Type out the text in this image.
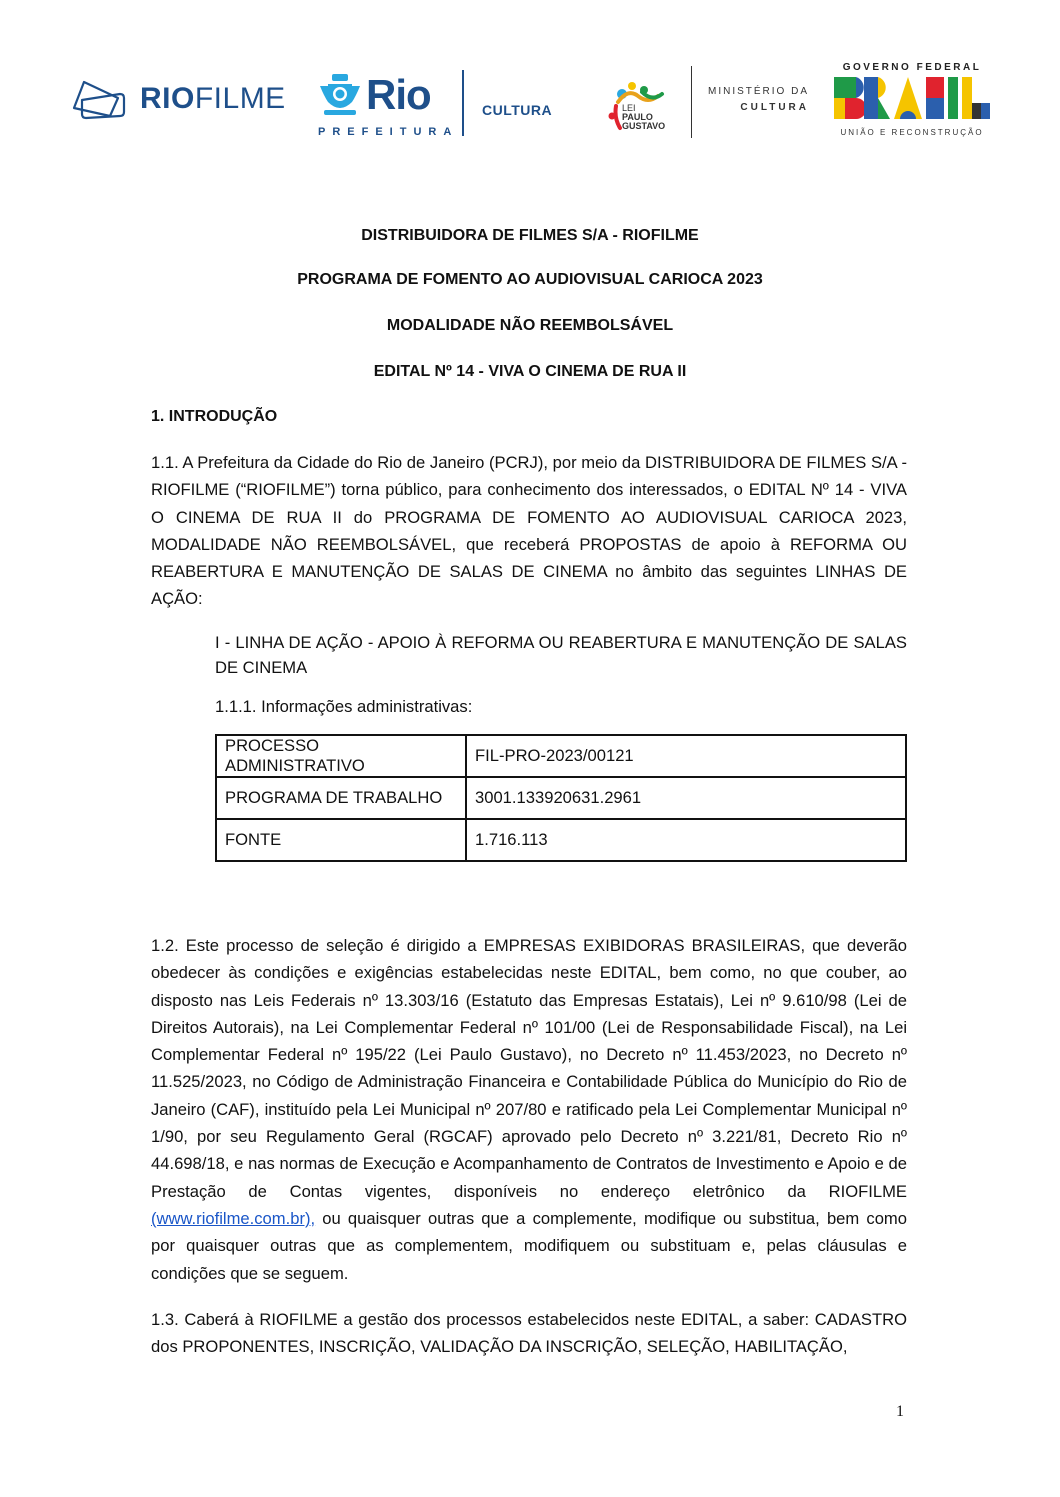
RIOFILME Rio
PREFEITURA
CULTURA	LEI
PAULO
GUSTAVO
MINISTÉRIO DA
CULTURA
GOVERNO FEDERAL
UNIÃO E RECONSTRUÇÃO
DISTRIBUIDORA DE FILMES S/A - RIOFILME
PROGRAMA DE FOMENTO AO AUDIOVISUAL CARIOCA 2023
MODALIDADE NÃO REEMBOLSÁVEL
EDITAL Nº 14 - VIVA O CINEMA DE RUA II
1. INTRODUÇÃO
1.1. A Prefeitura da Cidade do Rio de Janeiro (PCRJ), por meio da DISTRIBUIDORA DE FILMES S/A - RIOFILME (“RIOFILME”) torna público, para conhecimento dos interessados, o EDITAL Nº 14 - VIVA O CINEMA DE RUA II do PROGRAMA DE FOMENTO AO AUDIOVISUAL CARIOCA 2023, MODALIDADE NÃO REEMBOLSÁVEL, que receberá PROPOSTAS de apoio à REFORMA OU REABERTURA E MANUTENÇÃO DE SALAS DE CINEMA no âmbito das seguintes LINHAS DE AÇÃO:
I - LINHA DE AÇÃO - APOIO À REFORMA OU REABERTURA E MANUTENÇÃO DE SALAS DE CINEMA
1.1.1. Informações administrativas:
PROCESSO ADMINISTRATIVO	FIL-PRO-2023/00121
PROGRAMA DE TRABALHO	3001.133920631.2961
FONTE	1.716.113
1.2. Este processo de seleção é dirigido a EMPRESAS EXIBIDORAS BRASILEIRAS, que deverão obedecer às condições e exigências estabelecidas neste EDITAL, bem como, no que couber, ao disposto nas Leis Federais nº 13.303/16 (Estatuto das Empresas Estatais), Lei nº 9.610/98 (Lei de Direitos Autorais), na Lei Complementar Federal nº 101/00 (Lei de Responsabilidade Fiscal), na Lei Complementar Federal nº 195/22 (Lei Paulo Gustavo), no Decreto nº 11.453/2023, no Decreto nº 11.525/2023, no Código de Administração Financeira e Contabilidade Pública do Município do Rio de Janeiro (CAF), instituído pela Lei Municipal nº 207/80 e ratificado pela Lei Complementar Municipal nº 1/90, por seu Regulamento Geral (RGCAF) aprovado pelo Decreto nº 3.221/81, Decreto Rio nº 44.698/18, e nas normas de Execução e Acompanhamento de Contratos de Investimento e Apoio e de Prestação de Contas vigentes, disponíveis no endereço eletrônico da RIOFILME (www.riofilme.com.br), ou quaisquer outras que a complemente, modifique ou substitua, bem como por quaisquer outras que as complementem, modifiquem ou substituam e, pelas cláusulas e condições que se seguem.
1.3. Caberá à RIOFILME a gestão dos processos estabelecidos neste EDITAL, a saber: CADASTRO dos PROPONENTES, INSCRIÇÃO, VALIDAÇÃO DA INSCRIÇÃO, SELEÇÃO, HABILITAÇÃO,
1
